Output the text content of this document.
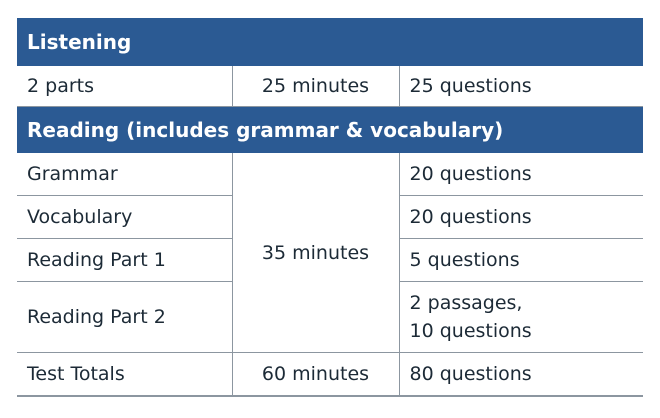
Listening		
2 parts	25 minutes	25 questions
Reading (includes grammar & vocabulary)		
Grammar	35 minutes	20 questions
Vocabulary		20 questions
Reading Part 1		5 questions
Reading Part 2		2 passages,
10 questions

Test Totals	60 minutes	80 questions
